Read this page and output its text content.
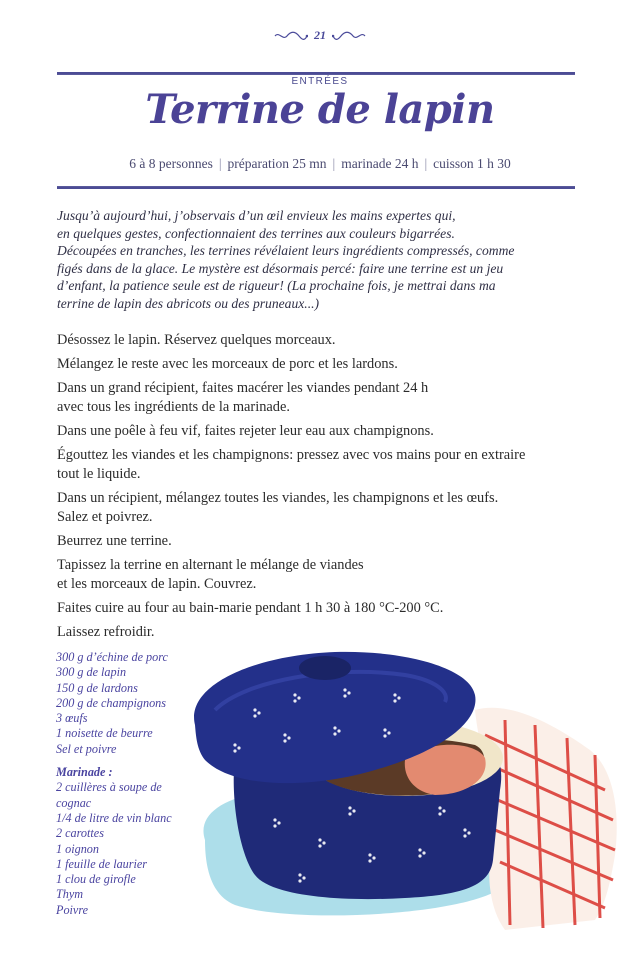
21
ENTRÉES
Terrine de lapin
6 à 8 personnes | préparation 25 mn | marinade 24 h | cuisson 1 h 30

Jusqu’à aujourd’hui, j’observais d’un œil envieux les mains expertes qui,
en quelques gestes, confectionnaient des terrines aux couleurs bigarrées.
Découpées en tranches, les terrines révélaient leurs ingrédients compressés, comme
figés dans de la glace. Le mystère est désormais percé: faire une terrine est un jeu
d’enfant, la patience seule est de rigueur! (La prochaine fois, je mettrai dans ma
terrine de lapin des abricots ou des pruneaux...)

Désossez le lapin. Réservez quelques morceaux.

Mélangez le reste avec les morceaux de porc et les lardons.

Dans un grand récipient, faites macérer les viandes pendant 24 h
avec tous les ingrédients de la marinade.

Dans une poêle à feu vif, faites rejeter leur eau aux champignons.

Égouttez les viandes et les champignons: pressez avec vos mains pour en extraire
tout le liquide.

Dans un récipient, mélangez toutes les viandes, les champignons et les œufs.
Salez et poivrez.

Beurrez une terrine.

Tapissez la terrine en alternant le mélange de viandes
et les morceaux de lapin. Couvrez.

Faites cuire au four au bain-marie pendant 1 h 30 à 180 °C-200 °C.

Laissez refroidir.

300 g d’échine de porc
300 g de lapin
150 g de lardons
200 g de champignons
3 œufs
1 noisette de beurre
Sel et poivre
Marinade :
2 cuillères à soupe de
cognac
1/4 de litre de vin blanc
2 carottes
1 oignon
1 feuille de laurier
1 clou de girofle
Thym
Poivre
